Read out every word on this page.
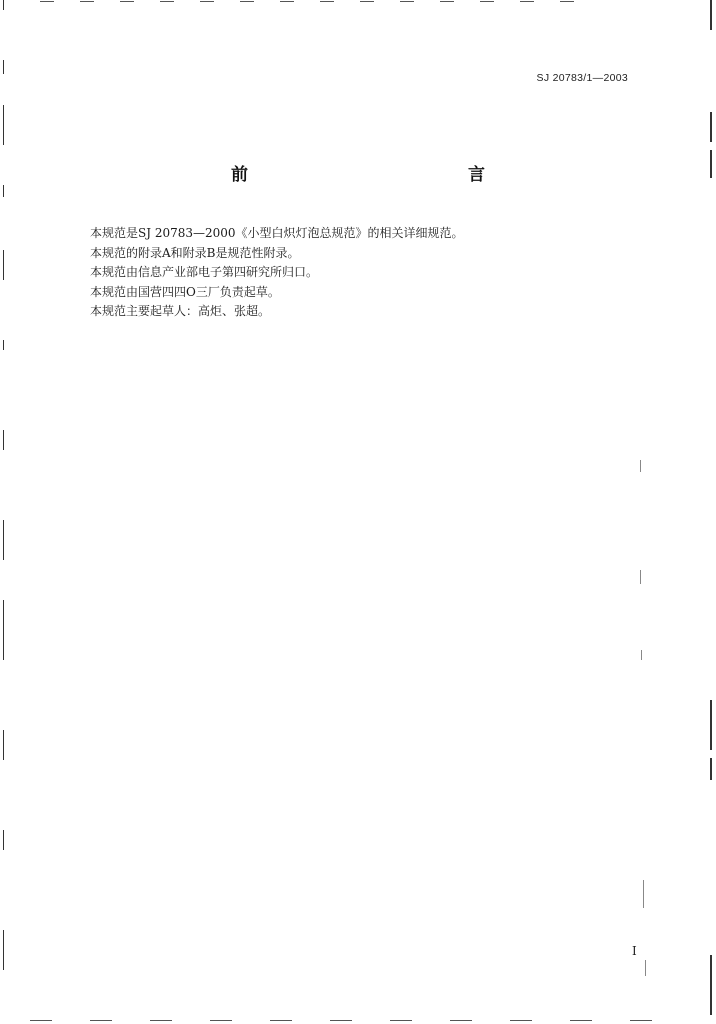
SJ 20783/1—2003
前　　言
本规范是SJ 20783—2000《小型白炽灯泡总规范》的相关详细规范。
本规范的附录A和附录B是规范性附录。
本规范由信息产业部电子第四研究所归口。
本规范由国营四四O三厂负责起草。
本规范主要起草人：高炬、张超。
I
